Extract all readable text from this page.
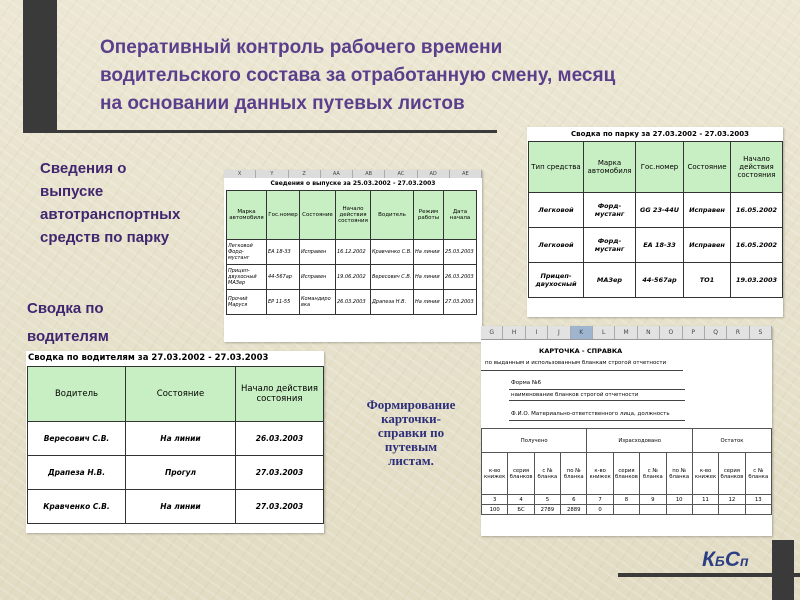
Оперативный контроль рабочего времени
водительского состава за отработанную смену, месяц
на основании данных путевых листов

Сведения о
выпуске
автотранспортных
средств по парку

Сводка по
водителям

X	Y	Z	AA	AB	AC	AD	AE
Сведения о выпуске за 25.03.2002 - 27.03.2003
Марка автомобиля	Гос.номер	Состояние	Начало действия состояния	Водитель	Режим работы	Дата начала
Легковой Форд-мустанг	ЕА 18-33	Исправен	16.12.2002	Кравченко С.В.	На линии	25.03.2003
Прицеп-двухосный МАЗер	44-567ар	Исправен	19.06.2002	Вересович С.В.	На линии	26.03.2003
Прочий Маруся	ЕР 11-55	Командиро вка	26.03.2003	Драпеза Н.В.	На линии	27.03.2003
Сводка по парку за 27.03.2002 - 27.03.2003
Тип средства	Марка автомобиля	Гос.номер	Состояние	Начало действия состояния
Легковой	Форд-мустанг	GG 23-44U	Исправен	16.05.2002
Легковой	Форд-мустанг	ЕА 18-33	Исправен	16.05.2002
Прицеп-двухосный	МАЗер	44-567ар	ТО1	19.03.2003
Сводка по водителям за 27.03.2002 - 27.03.2003
Водитель	Состояние	Начало действия состояния
Вересович С.В.	На линии	26.03.2003
Драпеза Н.В.	Прогул	27.03.2003
Кравченко С.В.	На линии	27.03.2003
G	H	I	J	K	L	M	N	O	P	Q	R	S
КАРТОЧКА - СПРАВКА
по выданным и использованным бланкам строгой отчетности
Форма №6
наименование бланков строгой отчетности
Ф.И.О. Материально-ответственного лица, должность
Получено				Израсходовано				Остаток		
к-во книжек	серия бланков	с № бланка	по № бланка	к-во книжек	серия бланков	с № бланка	по № бланка	к-во книжек	серия бланков	с № бланка
3	4	5	6	7	8	9	10	11	12	13
100	БС	2789	2889	0						
Формирование
карточки-
справки по
путевым
листам.
КБСп
